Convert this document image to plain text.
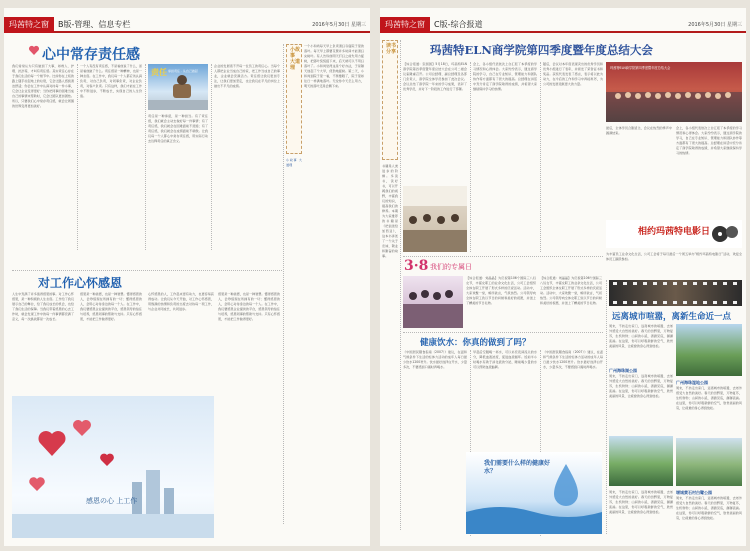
玛茜特之窗	B版-管理、信息专栏	2016年5月30日 星期三
心中常存责任感
我们常常认为只有做到了大事，如救人、护理、抗洪等，才叫有责任感。其实责任心存在于我们生活的每一个细节中。比如你在上班的路上随手捡起地上的垃圾，它会让路人感到清洁舒适；你会在工作中认真对待每一件小事，它会让企业变得更好；当你把同事的困难当成自己的事情来帮助时，它会让团队更加团结。所以，只要我们心中常存责任感，就会让周围的世界变得更加美好。
一个人有没有责任感，不是看他说了什么，而是看他做了什么。责任感是一种精神，也是一种态度。在工作中，我们每一个人都应该认真负责，对自己负责，对同事负责，对企业负责，对客户负责。只有这样，我们才能在工作中不断进步，不断成长，实现自己的人生价值。
责任是一种承诺，是一种担当。有了责任感，我们就会主动去做好每一件事情；有了责任感，我们就会在困难面前不退缩；有了责任感，我们就会在成绩面前不骄傲。让我们每一个人都心中常存责任感，用实际行动去诠释责任的真正含义。
企业的发展离不开每一位员工的责任心。当每个人都把企业当成自己的家，把工作当成自己的事业，企业就会充满活力。责任感让我们更加专注，让我们更加坚定，也让我们在平凡的岗位上做出不平凡的成绩。
责任 承担责任 · 从自己做起
小故事 大道理
一个小和尚每天早上负责清扫寺庙院子里的落叶。每天早上都要花费许多时间才能清扫完树叶。有人告诉他明天打扫之前先用力摇树，把落叶统统摇下来，后天就可以不用扫落叶了。小和尚觉得这是个好办法，于是隔天他起了个大早，使劲地摇树。第二天，小和尚到院子里一看，不禁傻眼了，院子里如往日一样满地落叶。无论你今天怎么用力，明天的落叶还是会飘下来。
小故事 大道理
对工作心怀感恩
人生中充满了许多值得感恩的事。对工作心怀感恩，是一种积极的人生态度。工作给了我们展示自己的舞台，给了我们成长的机会，也给了我们生活的保障。当我们带着感恩的心去工作时，就会发现工作中的每一件事情都充满了意义，每一次挑战都是一次成长。
感恩是一种美德，也是一种智慧。懂得感恩的人，会珍惜现在所拥有的一切；懂得感恩的人，会用心对待身边的每一个人。在工作中，我们要感恩企业提供的平台，感恩领导的信任与培养，感恩同事的帮助与支持。只有心怀感恩，才能把工作做得更好。
心怀感恩的人，工作起来更有动力，也更容易获得成功。让我们从今天开始，对工作心怀感恩，用饱满的热情和负责的态度去对待每一项工作，与企业共同成长，共同进步。
感恩是一种美德，也是一种智慧。懂得感恩的人，会珍惜现在所拥有的一切；懂得感恩的人，会用心对待身边的每一个人。在工作中，我们要感恩企业提供的平台，感恩领导的信任与培养，感恩同事的帮助与支持。只有心怀感恩，才能把工作做得更好。
感恩の心 上工作
玛茜特之窗	C版-综合报道	2016年5月30日 星期三
读书分享
书籍是人类进步的阶梯。多读书，读好书，可以开阔我们的视野，丰富我们的知识，提高我们的修养。本期为大家推荐的书籍是《把信送给加西亚》，这本书讲述了一个关于忠诚、敬业和勤奋的故事。
玛茜特ELN商学院第四季度暨年度总结大会
【综合报道：张园园】5月18日，玛茜特ELN商学院第四季度暨年度总结大会在公司二楼会议室隆重召开。公司总经理、副总经理及各部门负责人、商学院全体学员参加了此次会议。会议总结了商学院一年来的学习成果，表彰了优秀学员，并对下一阶段的工作进行了部署。
会上，各小组代表依次上台汇报了本季度的学习情况和心得体会。大家纷纷表示，通过商学院的学习，自己在专业知识、管理能力和团队协作等方面都有了很大的提高。总经理在讲话中充分肯定了商学院取得的成绩，并希望大家继续保持学习的热情。
随后，会议对本年度表现突出的优秀学员和优秀小组进行了表彰，并颁发了荣誉证书和奖品。获奖代表发表了感言，表示将以此为动力，在今后的工作和学习中再接再厉，为公司的发展贡献更大的力量。
玛茜特ELN商学院第四季度暨年度总结大会
最后，全体学员合影留念，会议在热烈的掌声中圆满结束。
会上，各小组代表依次上台汇报了本季度的学习情况和心得体会。大家纷纷表示，通过商学院的学习，自己在专业知识、管理能力和团队协作等方面都有了很大的提高。总经理在讲话中充分肯定了商学院取得的成绩，并希望大家继续保持学习的热情。
相约玛茜特电影日
为丰富员工业余文化生活，公司工会将于每月最后一个周五举办“相约玛茜特电影日”活动，欢迎全体员工踊跃参加。
3·8 我们的专属日
【综合报道：刘晶晶】为庆祝第106个国际三八妇女节，丰富女职工的业余文化生活，公司工会组织全体女职工开展了形式多样的庆祝活动。活动中，大家欢聚一堂，畅所欲言，气氛热烈。公司领导向全体女职工致以节日的问候和美好的祝愿，并送上了精美的节日礼物。
【综合报道：刘晶晶】为庆祝第106个国际三八妇女节，丰富女职工的业余文化生活，公司工会组织全体女职工开展了形式多样的庆祝活动。活动中，大家欢聚一堂，畅所欲言，气氛热烈。公司领导向全体女职工致以节日的问候和美好的祝愿，并送上了精美的节日礼物。
健康饮水：你真的做到了吗？
《中国居民膳食指南（2007）》建议，在温和气候条件下生活的轻体力活动的成年人每日最少饮水1200毫升。饮水最好选择白开水，少量多次，不要感到口渴时再喝水。
早起后空腹喝一杯水，可以补充夜间流失的水分，降低血液浓度，促进血液循环。饭前半小时喝水有助于消化液的分泌，睡前喝少量的水可以预防血液黏稠。
《中国居民膳食指南（2007）》建议，在温和气候条件下生活的轻体力活动的成年人每日最少饮水1200毫升。饮水最好选择白开水，少量多次，不要感到口渴时再喝水。
我们需要什么样的健康好水？
远离城市喧嚣，离新生命近一点
周末，不妨走出家门，远离城市的喧嚣，去郊外感受大自然的美好。春天的田野里，万物复苏，生机勃勃；山间的小溪，清澈见底，潺潺流淌。在这里，你可以呼吸新鲜的空气，欣赏美丽的风景，让疲惫的身心得到放松。
广州海珠湖公园
周末，不妨走出家门，远离城市的喧嚣，去郊外感受大自然的美好。春天的田野里，万物复苏，生机勃勃；山间的小溪，清澈见底，潺潺流淌。在这里，你可以呼吸新鲜的空气，欣赏美丽的风景，让疲惫的身心得到放松。
广州海珠湿地公园
周末，不妨走出家门，远离城市的喧嚣，去郊外感受大自然的美好。春天的田野里，万物复苏，生机勃勃；山间的小溪，清澈见底，潺潺流淌。在这里，你可以呼吸新鲜的空气，欣赏美丽的风景，让疲惫的身心得到放松。
增城黄石村白鹭公园
周末，不妨走出家门，远离城市的喧嚣，去郊外感受大自然的美好。春天的田野里，万物复苏，生机勃勃；山间的小溪，清澈见底，潺潺流淌。在这里，你可以呼吸新鲜的空气，欣赏美丽的风景，让疲惫的身心得到放松。
周末，不妨走出家门，远离城市的喧嚣，去郊外感受大自然的美好。春天的田野里，万物复苏，生机勃勃；山间的小溪，清澈见底，潺潺流淌。在这里，你可以呼吸新鲜的空气，欣赏美丽的风景，让疲惫的身心得到放松。
